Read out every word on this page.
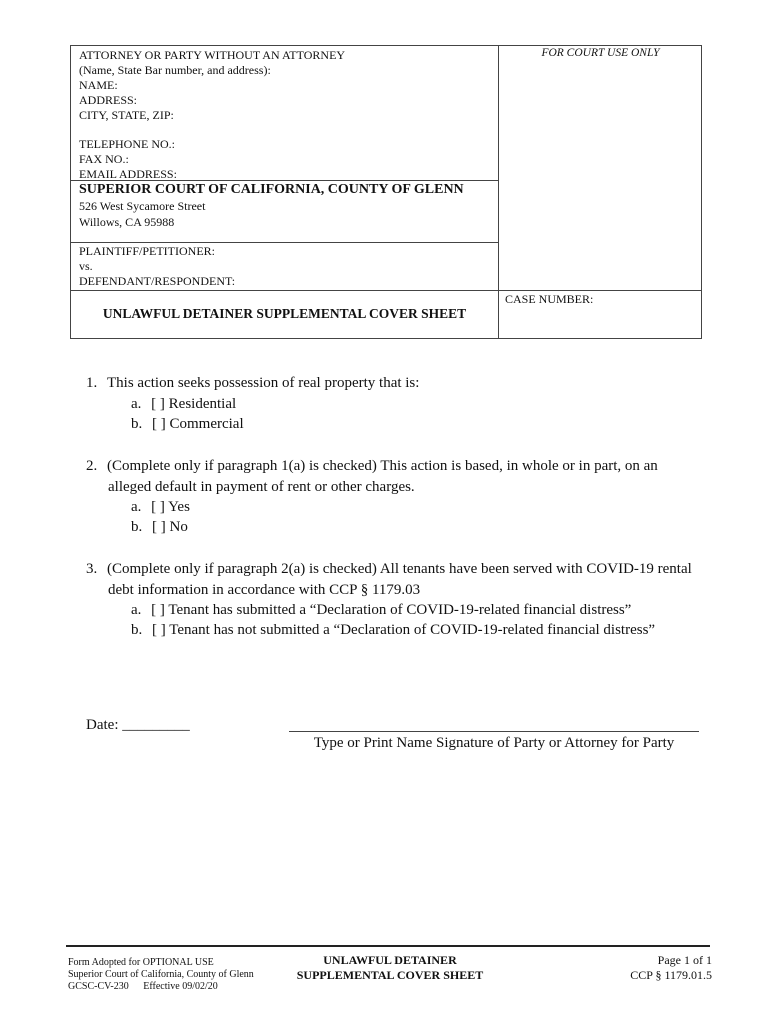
ATTORNEY OR PARTY WITHOUT AN ATTORNEY
(Name, State Bar number, and address):
NAME:
ADDRESS:
CITY, STATE, ZIP:
TELEPHONE NO.:
FAX NO.:
EMAIL ADDRESS:
FOR COURT USE ONLY
SUPERIOR COURT OF CALIFORNIA, COUNTY OF GLENN
526 West Sycamore Street
Willows, CA 95988
PLAINTIFF/PETITIONER:
vs.
DEFENDANT/RESPONDENT:
UNLAWFUL DETAINER SUPPLEMENTAL COVER SHEET
CASE NUMBER:
1. This action seeks possession of real property that is:
a. [ ] Residential
b. [ ] Commercial
2. (Complete only if paragraph 1(a) is checked) This action is based, in whole or in part, on an
alleged default in payment of rent or other charges.
a. [ ] Yes
b. [ ] No
3. (Complete only if paragraph 2(a) is checked) All tenants have been served with COVID-19 rental
debt information in accordance with CCP § 1179.03
a. [ ] Tenant has submitted a “Declaration of COVID-19-related financial distress”
b. [ ] Tenant has not submitted a “Declaration of COVID-19-related financial distress”
Date: _________
Type or Print Name Signature of Party or Attorney for Party
Form Adopted for OPTIONAL USE
Superior Court of California, County of Glenn
GCSC-CV-230 Effective 09/02/20
UNLAWFUL DETAINER
SUPPLEMENTAL COVER SHEET
Page 1 of 1
CCP § 1179.01.5
